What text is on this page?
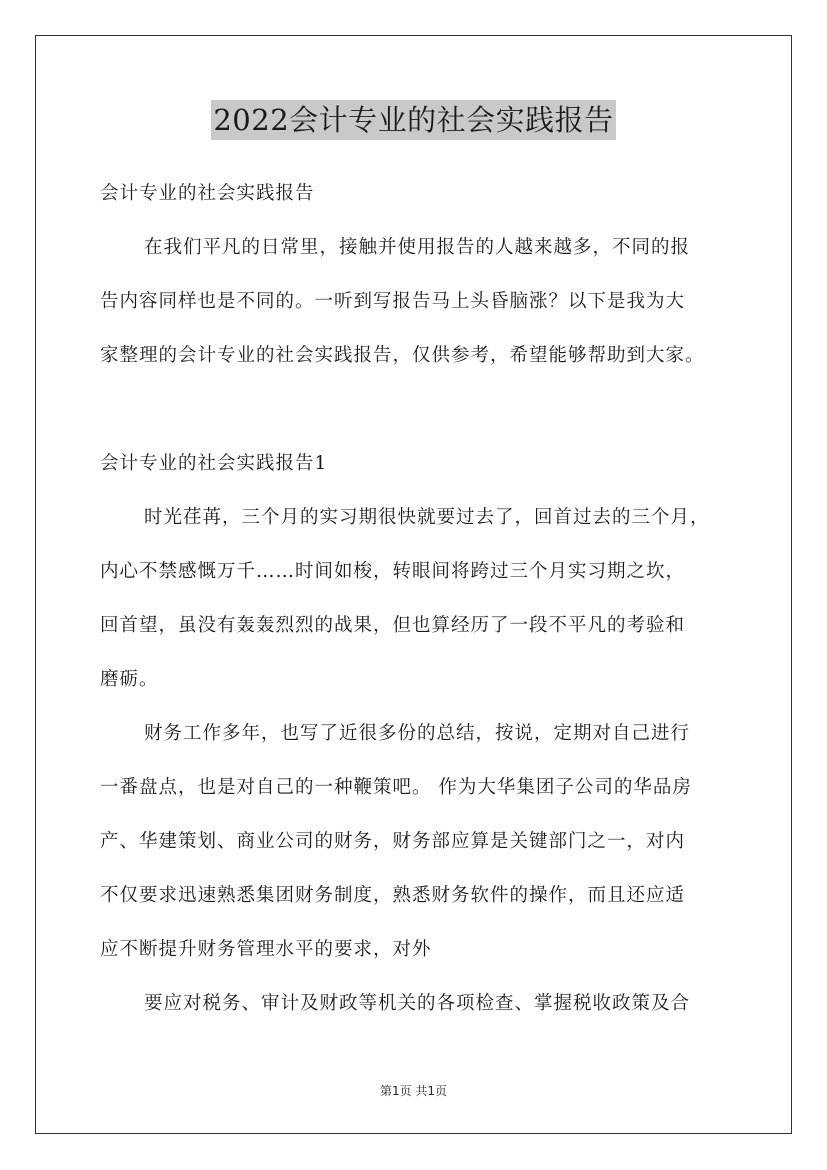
2022会计专业的社会实践报告
会计专业的社会实践报告
在我们平凡的日常里，接触并使用报告的人越来越多，不同的报
告内容同样也是不同的。一听到写报告马上头昏脑涨？以下是我为大
家整理的会计专业的社会实践报告，仅供参考，希望能够帮助到大家。
会计专业的社会实践报告1
时光荏苒，三个月的实习期很快就要过去了，回首过去的三个月，
内心不禁感慨万千……时间如梭，转眼间将跨过三个月实习期之坎，
回首望，虽没有轰轰烈烈的战果，但也算经历了一段不平凡的考验和
磨砺。
财务工作多年，也写了近很多份的总结，按说，定期对自己进行
一番盘点，也是对自己的一种鞭策吧。 作为大华集团子公司的华品房
产、华建策划、商业公司的财务，财务部应算是关键部门之一，对内
不仅要求迅速熟悉集团财务制度，熟悉财务软件的操作，而且还应适
应不断提升财务管理水平的要求，对外
要应对税务、审计及财政等机关的各项检查、掌握税收政策及合
第1页 共1页
